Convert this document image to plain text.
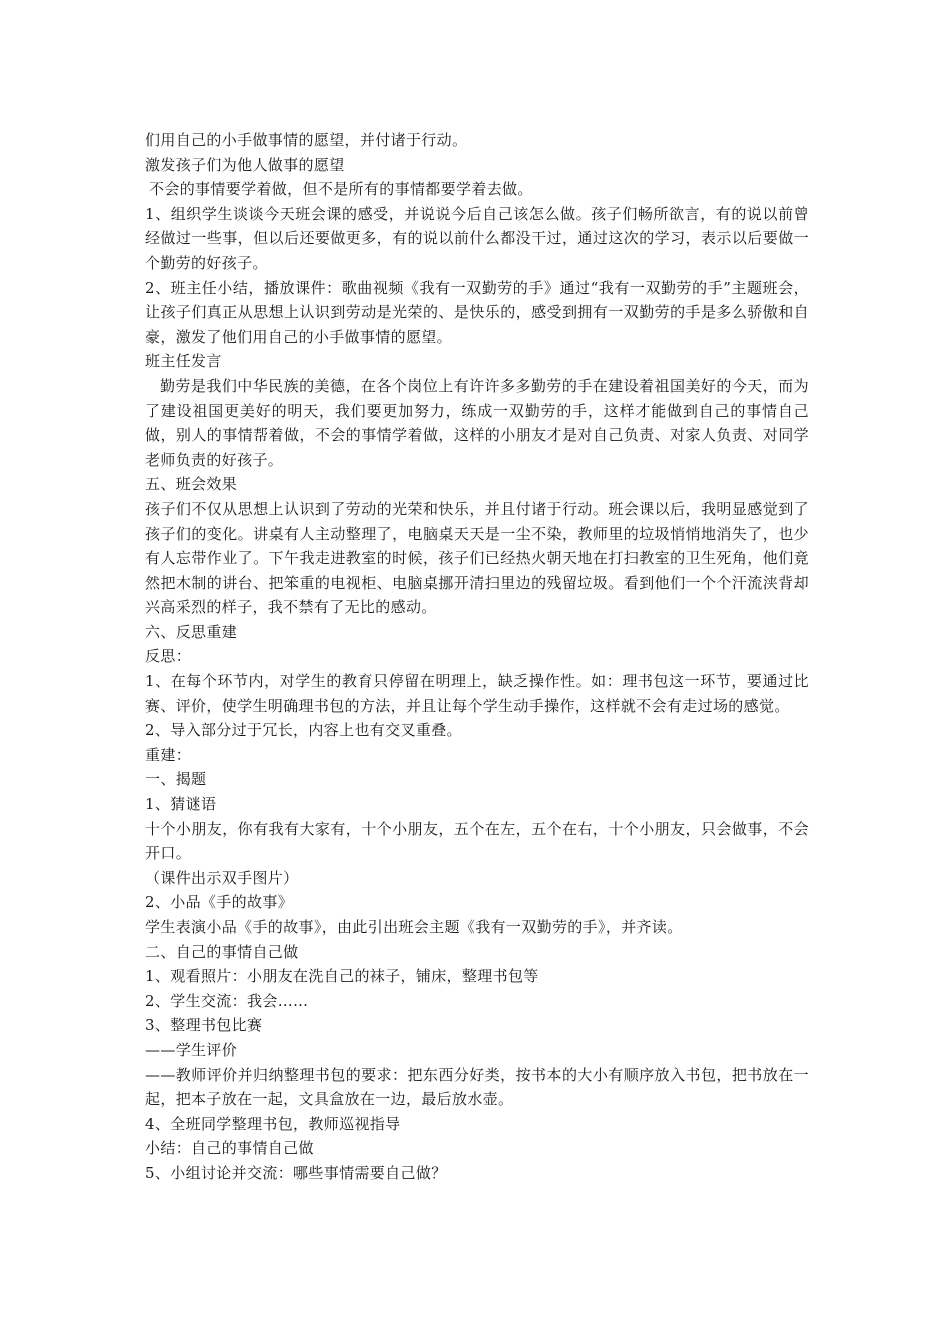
们用自己的小手做事情的愿望，并付诸于行动。

激发孩子们为他人做事的愿望

不会的事情要学着做，但不是所有的事情都要学着去做。

1、组织学生谈谈今天班会课的感受，并说说今后自己该怎么做。孩子们畅所欲言，有的说以前曾经做过一些事，但以后还要做更多，有的说以前什么都没干过，通过这次的学习，表示以后要做一个勤劳的好孩子。

2、班主任小结，播放课件：歌曲视频《我有一双勤劳的手》通过“我有一双勤劳的手”主题班会，让孩子们真正从思想上认识到劳动是光荣的、是快乐的，感受到拥有一双勤劳的手是多么骄傲和自豪，激发了他们用自己的小手做事情的愿望。

班主任发言

勤劳是我们中华民族的美德，在各个岗位上有许许多多勤劳的手在建设着祖国美好的今天，而为了建设祖国更美好的明天，我们要更加努力，练成一双勤劳的手，这样才能做到自己的事情自己做，别人的事情帮着做，不会的事情学着做，这样的小朋友才是对自己负责、对家人负责、对同学老师负责的好孩子。

五、班会效果

孩子们不仅从思想上认识到了劳动的光荣和快乐，并且付诸于行动。班会课以后，我明显感觉到了孩子们的变化。讲桌有人主动整理了，电脑桌天天是一尘不染，教师里的垃圾悄悄地消失了，也少有人忘带作业了。下午我走进教室的时候，孩子们已经热火朝天地在打扫教室的卫生死角，他们竟然把木制的讲台、把笨重的电视柜、电脑桌挪开清扫里边的残留垃圾。看到他们一个个汗流浃背却兴高采烈的样子，我不禁有了无比的感动。

六、反思重建

反思：

1、在每个环节内，对学生的教育只停留在明理上，缺乏操作性。如：理书包这一环节，要通过比赛、评价，使学生明确理书包的方法，并且让每个学生动手操作，这样就不会有走过场的感觉。

2、导入部分过于冗长，内容上也有交叉重叠。

重建：

一、揭题

1、猜谜语

十个小朋友，你有我有大家有，十个小朋友，五个在左，五个在右，十个小朋友，只会做事，不会开口。

（课件出示双手图片）

2、小品《手的故事》

学生表演小品《手的故事》，由此引出班会主题《我有一双勤劳的手》，并齐读。

二、自己的事情自己做

1、观看照片：小朋友在洗自己的袜子，铺床，整理书包等

2、学生交流：我会……

3、整理书包比赛

——学生评价

——教师评价并归纳整理书包的要求：把东西分好类，按书本的大小有顺序放入书包，把书放在一起，把本子放在一起，文具盒放在一边，最后放水壶。

4、全班同学整理书包，教师巡视指导

小结：自己的事情自己做

5、小组讨论并交流：哪些事情需要自己做？
